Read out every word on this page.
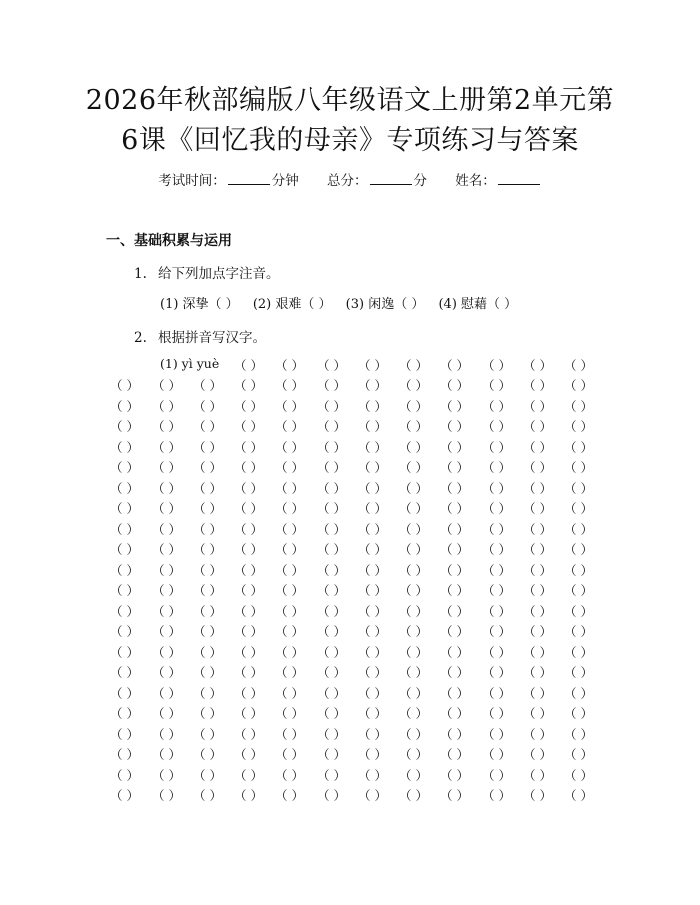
2026年秋部编版八年级语文上册第2单元第
6课《回忆我的母亲》专项练习与答案
考试时间：	分钟 总分：	分 姓名：
一、基础积累与运用
1. 给下列加点字注音。
(1) 深挚（ ） (2) 艰难（ ） (3) 闲逸（ ） (4) 慰藉（ ）
2. 根据拼音写汉字。
(1) yì yuè （ ） （ ） （ ） （ ） （ ） （ ） （ ） （ ） （ ）
（ ） （ ） （ ） （ ） （ ） （ ） （ ） （ ） （ ） （ ） （ ） （ ）
（ ） （ ） （ ） （ ） （ ） （ ） （ ） （ ） （ ） （ ） （ ） （ ）
（ ） （ ） （ ） （ ） （ ） （ ） （ ） （ ） （ ） （ ） （ ） （ ）
（ ） （ ） （ ） （ ） （ ） （ ） （ ） （ ） （ ） （ ） （ ） （ ）
（ ） （ ） （ ） （ ） （ ） （ ） （ ） （ ） （ ） （ ） （ ） （ ）
（ ） （ ） （ ） （ ） （ ） （ ） （ ） （ ） （ ） （ ） （ ） （ ）
（ ） （ ） （ ） （ ） （ ） （ ） （ ） （ ） （ ） （ ） （ ） （ ）
（ ） （ ） （ ） （ ） （ ） （ ） （ ） （ ） （ ） （ ） （ ） （ ）
（ ） （ ） （ ） （ ） （ ） （ ） （ ） （ ） （ ） （ ） （ ） （ ）
（ ） （ ） （ ） （ ） （ ） （ ） （ ） （ ） （ ） （ ） （ ） （ ）
（ ） （ ） （ ） （ ） （ ） （ ） （ ） （ ） （ ） （ ） （ ） （ ）
（ ） （ ） （ ） （ ） （ ） （ ） （ ） （ ） （ ） （ ） （ ） （ ）
（ ） （ ） （ ） （ ） （ ） （ ） （ ） （ ） （ ） （ ） （ ） （ ）
（ ） （ ） （ ） （ ） （ ） （ ） （ ） （ ） （ ） （ ） （ ） （ ）
（ ） （ ） （ ） （ ） （ ） （ ） （ ） （ ） （ ） （ ） （ ） （ ）
（ ） （ ） （ ） （ ） （ ） （ ） （ ） （ ） （ ） （ ） （ ） （ ）
（ ） （ ） （ ） （ ） （ ） （ ） （ ） （ ） （ ） （ ） （ ） （ ）
（ ） （ ） （ ） （ ） （ ） （ ） （ ） （ ） （ ） （ ） （ ） （ ）
（ ） （ ） （ ） （ ） （ ） （ ） （ ） （ ） （ ） （ ） （ ） （ ）
（ ） （ ） （ ） （ ） （ ） （ ） （ ） （ ） （ ） （ ） （ ） （ ）
（ ） （ ） （ ） （ ） （ ） （ ） （ ） （ ） （ ） （ ） （ ） （ ）
